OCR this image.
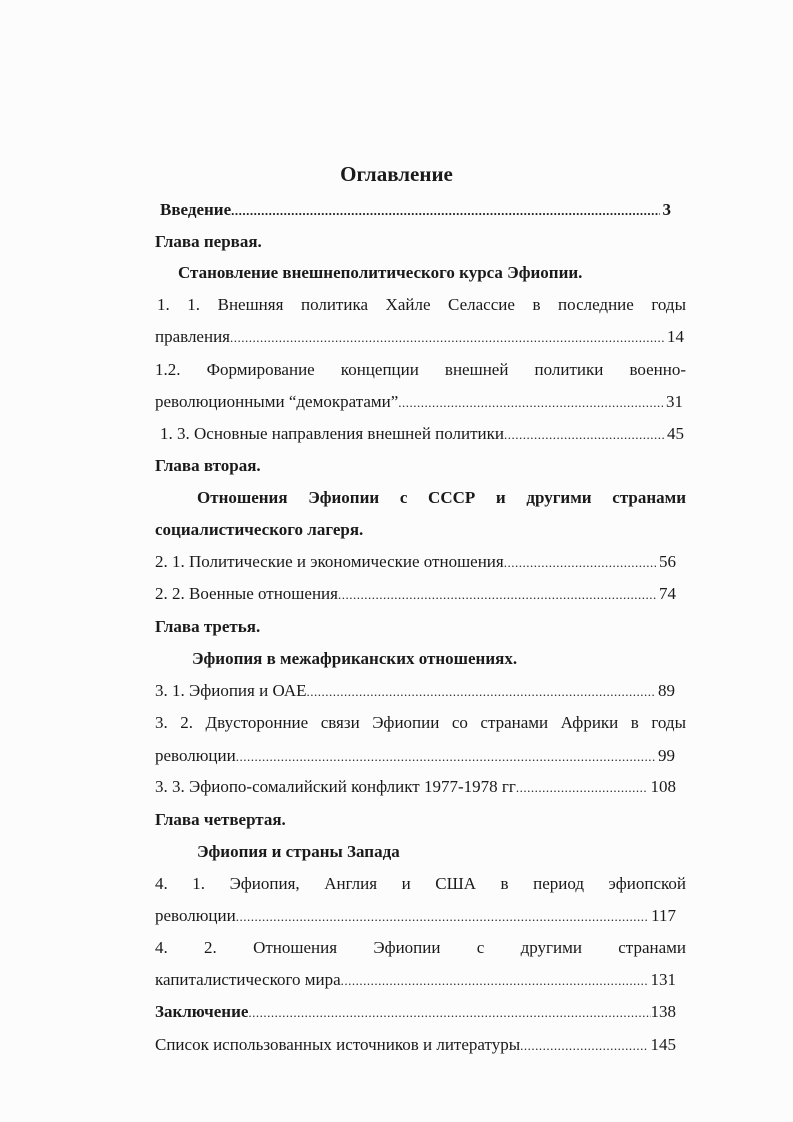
Оглавление
Введение .....	3
Глава первая.
Становление внешнеполитического курса Эфиопии.
1. 1. Внешняя политика Хайле Селассие в последние годы
правления .....	14
1.2. Формирование концепции внешней политики военно-
революционными “демократами” .....	31
1. 3. Основные направления внешней политики .....	45
Глава вторая.
Отношения Эфиопии с СССР и другими странами
социалистического лагеря.
2. 1. Политические и экономические отношения .....	56
2. 2. Военные отношения .....	74
Глава третья.
Эфиопия в межафриканских отношениях.
3. 1. Эфиопия и ОАЕ .....	89
3. 2. Двусторонние связи Эфиопии со странами Африки в годы
революции .....	99
3. 3. Эфиопо-сомалийский конфликт 1977-1978 гг .....	108
Глава четвертая.
Эфиопия и страны Запада
4. 1. Эфиопия, Англия и США в период эфиопской
революции .....	117
4. 2. Отношения Эфиопии с другими странами
капиталистического мира .....	131
Заключение .....	138
Список использованных источников и литературы .....	145
